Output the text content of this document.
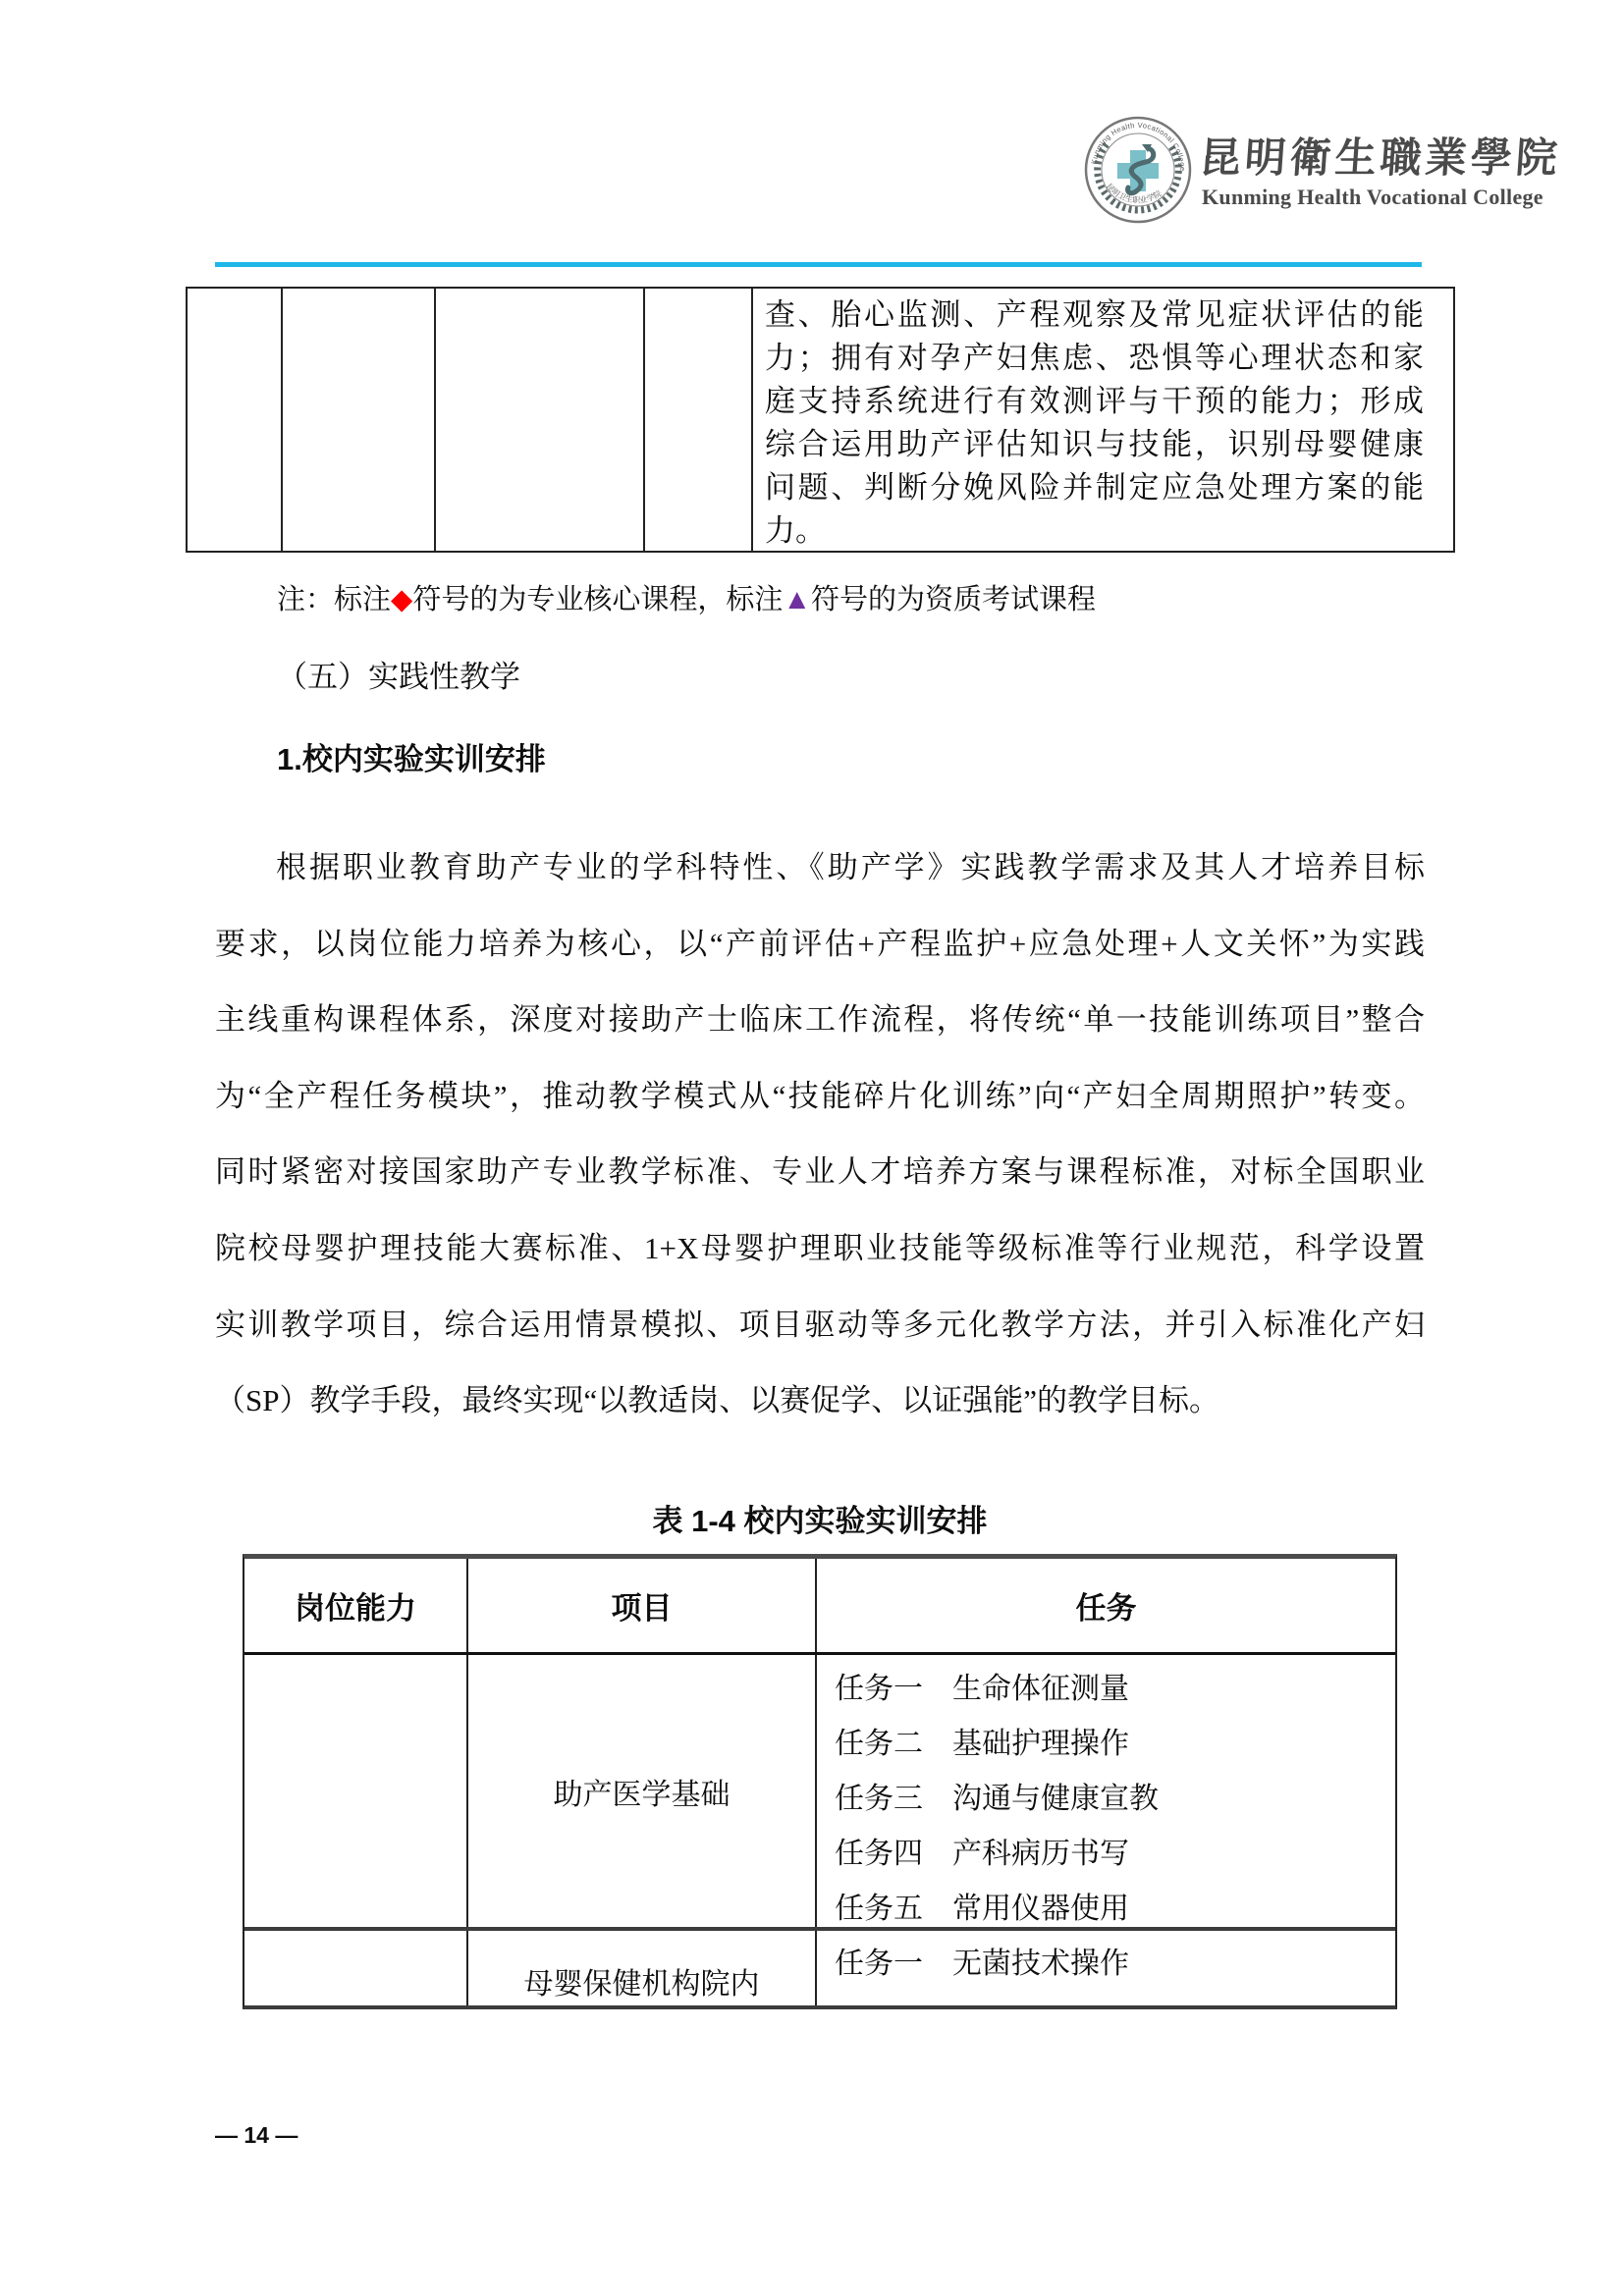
Kunming Health Vocational College
昆明卫生职业学院
昆明衛生職業學院
Kunming Health Vocational College
查、胎心监测、产程观察及常见症状评估的能
力；拥有对孕产妇焦虑、恐惧等心理状态和家
庭支持系统进行有效测评与干预的能力；形成
综合运用助产评估知识与技能，识别母婴健康
问题、判断分娩风险并制定应急处理方案的能
力。
注：标注◆符号的为专业核心课程，标注▲符号的为资质考试课程
（五）实践性教学
1.校内实验实训安排
根据职业教育助产专业的学科特性、《助产学》实践教学需求及其人才培养目标
要求，以岗位能力培养为核心，以“产前评估+产程监护+应急处理+人文关怀”为实践
主线重构课程体系，深度对接助产士临床工作流程，将传统“单一技能训练项目”整合
为“全产程任务模块”，推动教学模式从“技能碎片化训练”向“产妇全周期照护”转变。
同时紧密对接国家助产专业教学标准、专业人才培养方案与课程标准，对标全国职业
院校母婴护理技能大赛标准、1+X母婴护理职业技能等级标准等行业规范，科学设置
实训教学项目，综合运用情景模拟、项目驱动等多元化教学方法，并引入标准化产妇
（SP）教学手段，最终实现“以教适岗、以赛促学、以证强能”的教学目标。
表 1-4 校内实验实训安排
岗位能力	项目	任务
助产医学基础
任务一　生命体征测量
任务二　基础护理操作
任务三　沟通与健康宣教
任务四　产科病历书写
任务五　常用仪器使用
母婴保健机构院内
任务一　无菌技术操作
— 14 —
